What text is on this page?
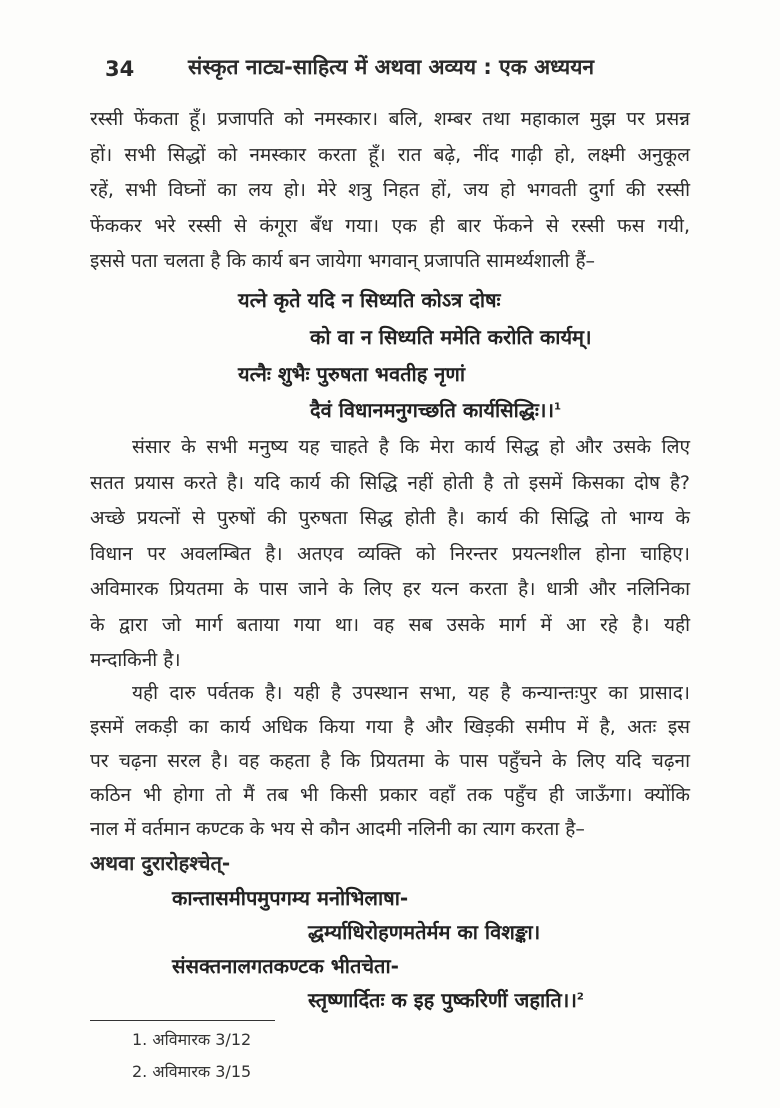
34	संस्कृत नाट्य-साहित्य में अथवा अव्यय : एक अध्ययन
रस्सी फेंकता हूँ। प्रजापति को नमस्कार। बलि, शम्बर तथा महाकाल मुझ पर प्रसन्न
हों। सभी सिद्धों को नमस्कार करता हूँ। रात बढ़े, नींद गाढ़ी हो, लक्ष्मी अनुकूल
रहें, सभी विघ्नों का लय हो। मेरे शत्रु निहत हों, जय हो भगवती दुर्गा की रस्सी
फेंककर भरे रस्सी से कंगूरा बँध गया। एक ही बार फेंकने से रस्सी फस गयी,
इससे पता चलता है कि कार्य बन जायेगा भगवान् प्रजापति सामर्थ्यशाली हैं–
यत्ने कृते यदि न सिध्यति कोऽत्र दोषः
को वा न सिध्यति ममेति करोति कार्यम्।
यत्नैः शुभैः पुरुषता भवतीह नृणां
दैवं विधानमनुगच्छति कार्यसिद्धिः।।$^1$
संसार के सभी मनुष्य यह चाहते है कि मेरा कार्य सिद्ध हो और उसके लिए
सतत प्रयास करते है। यदि कार्य की सिद्धि नहीं होती है तो इसमें किसका दोष है?
अच्छे प्रयत्नों से पुरुषों की पुरुषता सिद्ध होती है। कार्य की सिद्धि तो भाग्य के
विधान पर अवलम्बित है। अतएव व्यक्ति को निरन्तर प्रयत्नशील होना चाहिए।
अविमारक प्रियतमा के पास जाने के लिए हर यत्न करता है। धात्री और नलिनिका
के द्वारा जो मार्ग बताया गया था। वह सब उसके मार्ग में आ रहे है। यही
मन्दाकिनी है।
यही दारु पर्वतक है। यही है उपस्थान सभा, यह है कन्यान्तःपुर का प्रासाद।
इसमें लकड़ी का कार्य अधिक किया गया है और खिड़की समीप में है, अतः इस
पर चढ़ना सरल है। वह कहता है कि प्रियतमा के पास पहुँचने के लिए यदि चढ़ना
कठिन भी होगा तो मैं तब भी किसी प्रकार वहाँ तक पहुँच ही जाऊँगा। क्योंकि
नाल में वर्तमान कण्टक के भय से कौन आदमी नलिनी का त्याग करता है–
अथवा दुरारोहश्चेत्-
कान्तासमीपमुपगम्य मनोभिलाषा-
द्धर्म्याधिरोहणमतेर्मम का विशङ्का।
संसक्तनालगतकण्टक भीतचेता-
स्तृष्णार्दितः क इह पुष्करिणीं जहाति।।$^2$
1. अविमारक 3/12
2. अविमारक 3/15
